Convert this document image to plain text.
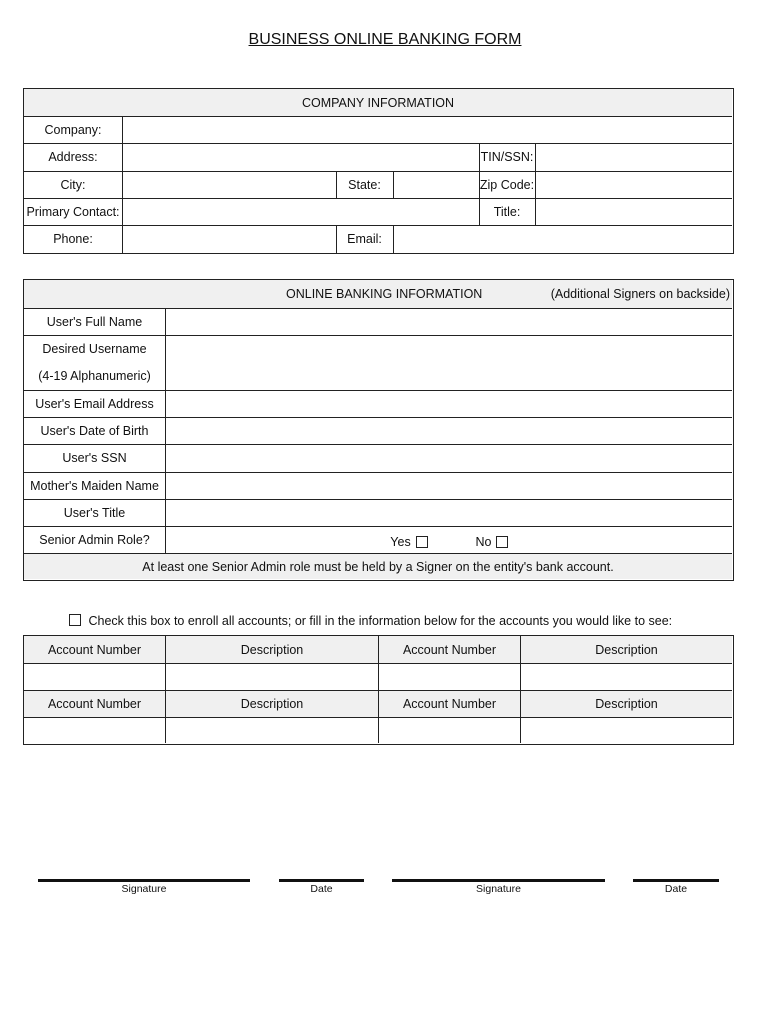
BUSINESS ONLINE BANKING FORM
COMPANY INFORMATION
Company:
Address:	TIN/SSN:
City:	State:	Zip Code:
Primary Contact:	Title:
Phone:	Email:
ONLINE BANKING INFORMATION	(Additional Signers on backside)
User's Full Name
Desired Username
(4-19 Alphanumeric)
User's Email Address
User's Date of Birth
User's SSN
Mother's Maiden Name
User's Title
Senior Admin Role?	Yes	No
At least one Senior Admin role must be held by a Signer on the entity's bank account.
Check this box to enroll all accounts; or fill in the information below for the accounts you would like to see:
Account Number	Description	Account Number	Description
Account Number	Description	Account Number	Description
Signature	Date	Signature	Date
